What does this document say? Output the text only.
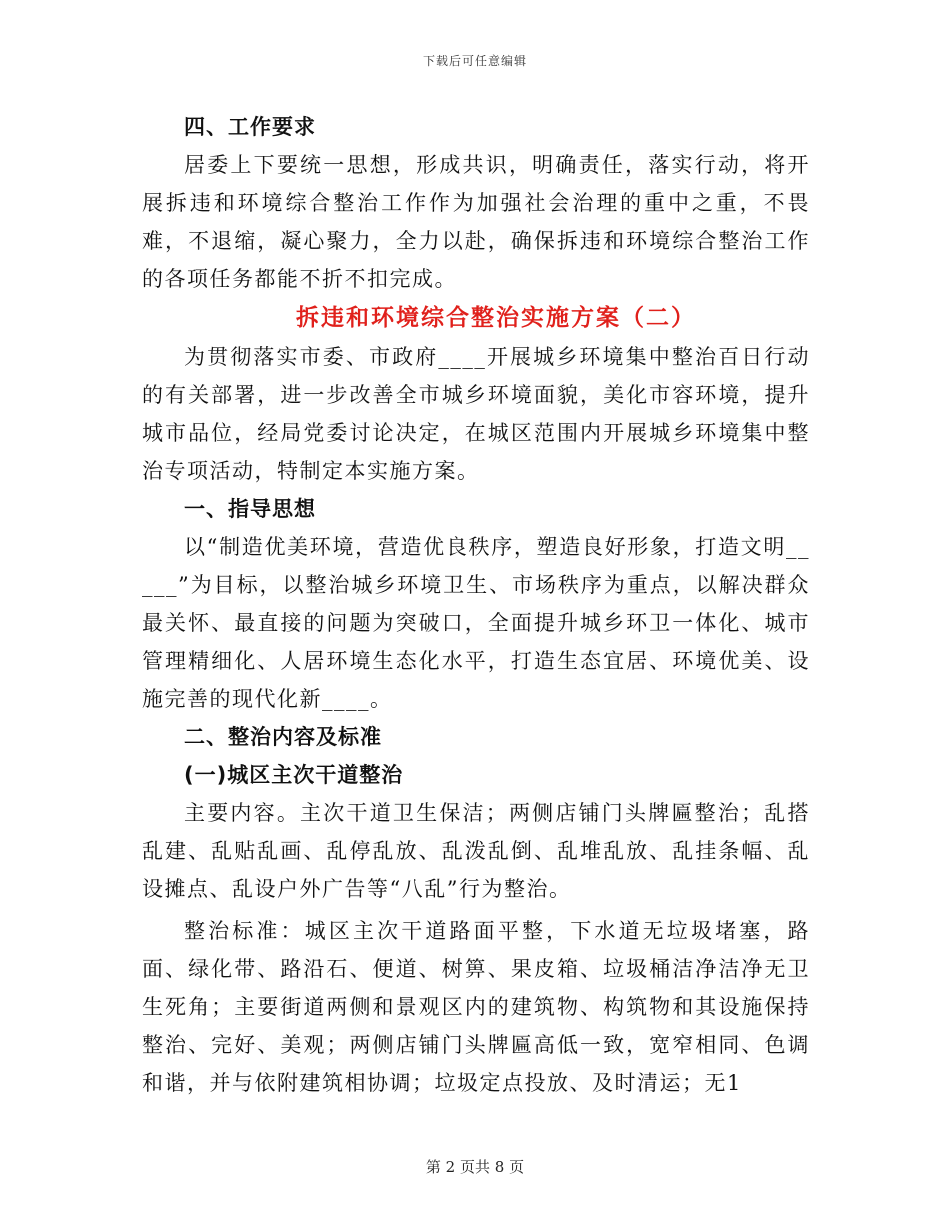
下载后可任意编辑

四、工作要求

居委上下要统一思想，形成共识，明确责任，落实行动，将开展拆违和环境综合整治工作作为加强社会治理的重中之重，不畏难，不退缩，凝心聚力，全力以赴，确保拆违和环境综合整治工作的各项任务都能不折不扣完成。

拆违和环境综合整治实施方案（二）

为贯彻落实市委、市政府____开展城乡环境集中整治百日行动的有关部署，进一步改善全市城乡环境面貌，美化市容环境，提升城市品位，经局党委讨论决定，在城区范围内开展城乡环境集中整治专项活动，特制定本实施方案。

一、指导思想

以“制造优美环境，营造优良秩序，塑造良好形象，打造文明_____”为目标，以整治城乡环境卫生、市场秩序为重点，以解决群众最关怀、最直接的问题为突破口，全面提升城乡环卫一体化、城市管理精细化、人居环境生态化水平，打造生态宜居、环境优美、设施完善的现代化新____。

二、整治内容及标准

(一)城区主次干道整治

主要内容。主次干道卫生保洁；两侧店铺门头牌匾整治；乱搭乱建、乱贴乱画、乱停乱放、乱泼乱倒、乱堆乱放、乱挂条幅、乱设摊点、乱设户外广告等“八乱”行为整治。

整治标准：城区主次干道路面平整，下水道无垃圾堵塞，路面、绿化带、路沿石、便道、树箅、果皮箱、垃圾桶洁净洁净无卫生死角；主要街道两侧和景观区内的建筑物、构筑物和其设施保持整治、完好、美观；两侧店铺门头牌匾高低一致，宽窄相同、色调和谐，并与依附建筑相协调；垃圾定点投放、及时清运；无1

第 2 页共 8 页
